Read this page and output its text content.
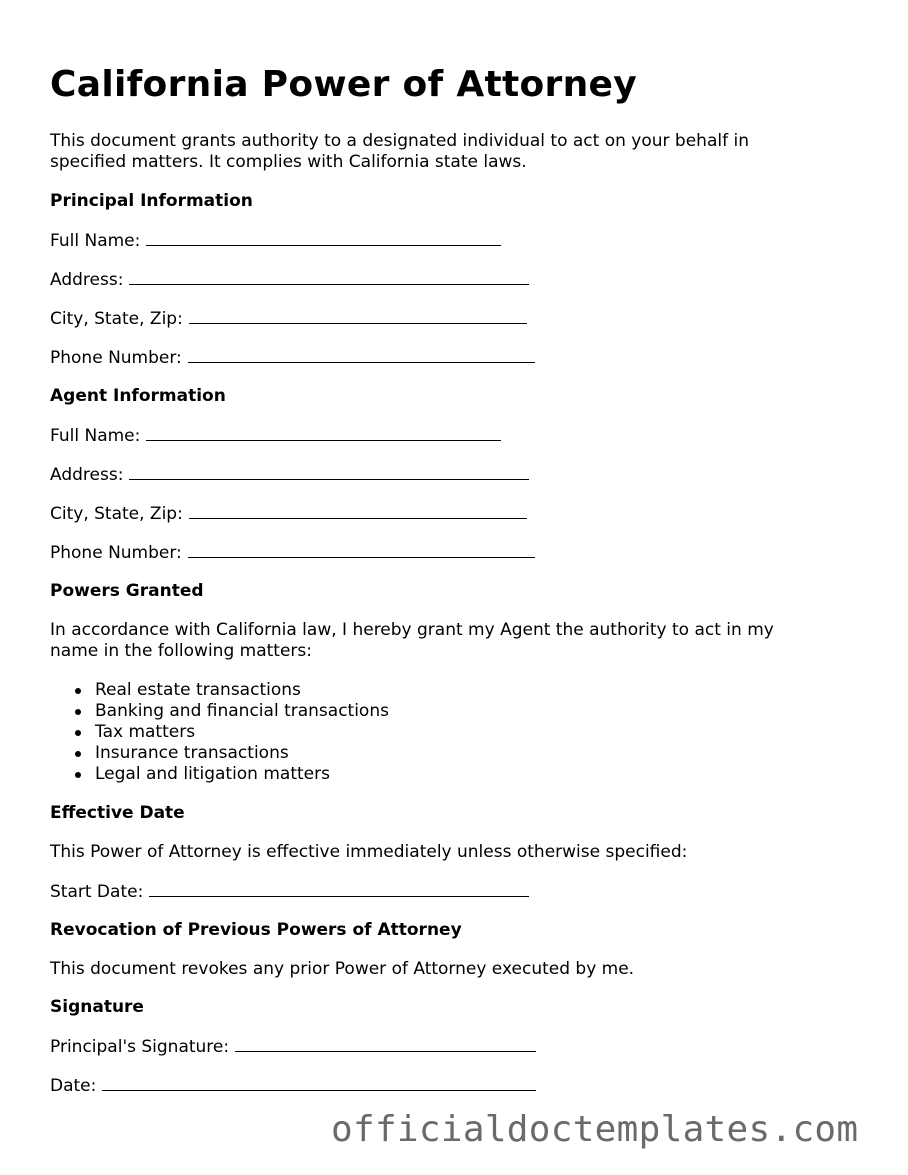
California Power of Attorney

This document grants authority to a designated individual to act on your behalf in

specified matters. It complies with California state laws.

Principal Information

Full Name:

Address:

City, State, Zip:

Phone Number:

Agent Information

Full Name:

Address:

City, State, Zip:

Phone Number:

Powers Granted

In accordance with California law, I hereby grant my Agent the authority to act in my

name in the following matters:

Real estate transactions
Banking and financial transactions
Tax matters
Insurance transactions
Legal and litigation matters

Effective Date

This Power of Attorney is effective immediately unless otherwise specified:

Start Date:

Revocation of Previous Powers of Attorney

This document revokes any prior Power of Attorney executed by me.

Signature

Principal's Signature:

Date:

officialdoctemplates.com
